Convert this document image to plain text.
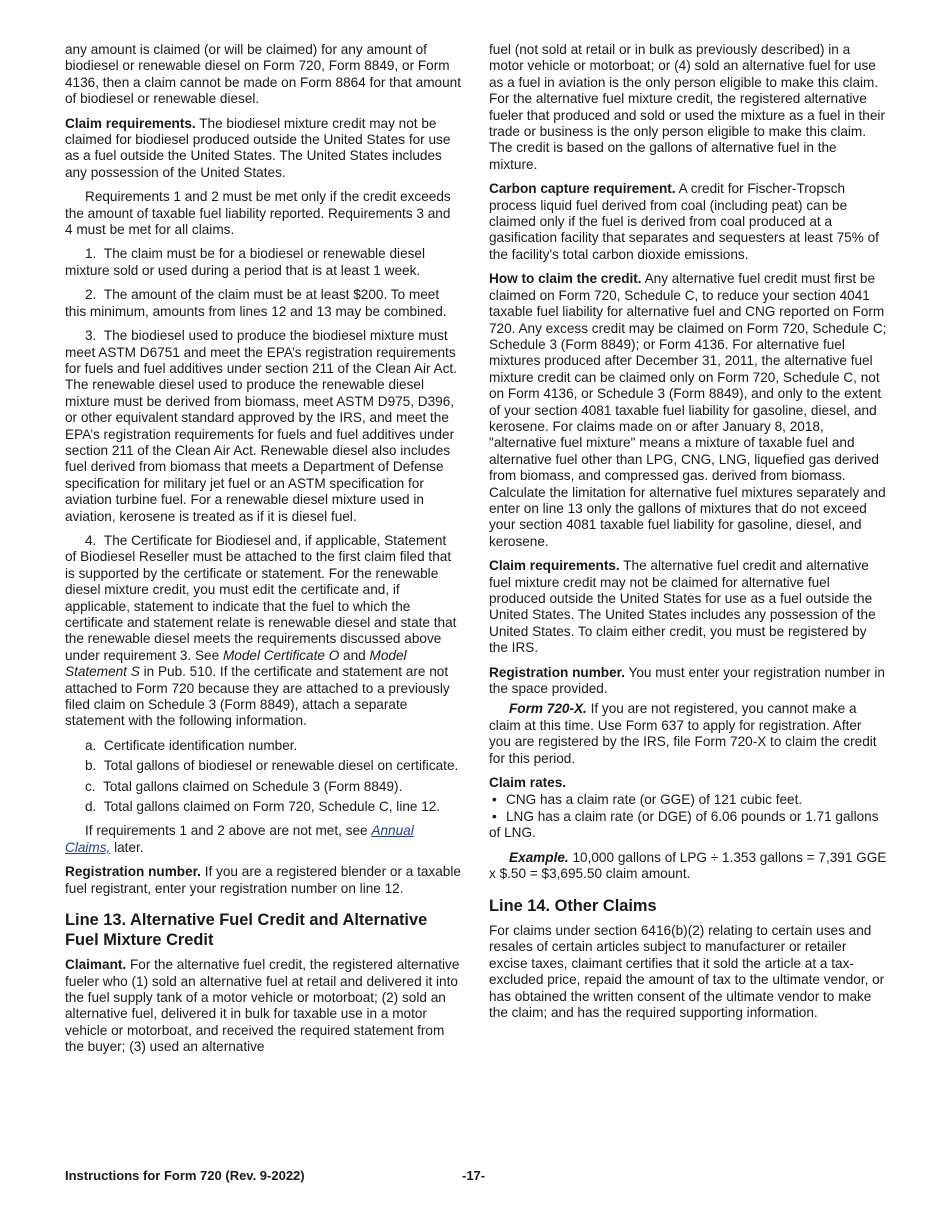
any amount is claimed (or will be claimed) for any amount of biodiesel or renewable diesel on Form 720, Form 8849, or Form 4136, then a claim cannot be made on Form 8864 for that amount of biodiesel or renewable diesel.

Claim requirements. The biodiesel mixture credit may not be claimed for biodiesel produced outside the United States for use as a fuel outside the United States. The United States includes any possession of the United States.

Requirements 1 and 2 must be met only if the credit exceeds the amount of taxable fuel liability reported. Requirements 3 and 4 must be met for all claims.

1.  The claim must be for a biodiesel or renewable diesel mixture sold or used during a period that is at least 1 week.

2.  The amount of the claim must be at least $200. To meet this minimum, amounts from lines 12 and 13 may be combined.

3.  The biodiesel used to produce the biodiesel mixture must meet ASTM D6751 and meet the EPA’s registration requirements for fuels and fuel additives under section 211 of the Clean Air Act. The renewable diesel used to produce the renewable diesel mixture must be derived from biomass, meet ASTM D975, D396, or other equivalent standard approved by the IRS, and meet the EPA’s registration requirements for fuels and fuel additives under section 211 of the Clean Air Act. Renewable diesel also includes fuel derived from biomass that meets a Department of Defense specification for military jet fuel or an ASTM specification for aviation turbine fuel. For a renewable diesel mixture used in aviation, kerosene is treated as if it is diesel fuel.

4.  The Certificate for Biodiesel and, if applicable, Statement of Biodiesel Reseller must be attached to the first claim filed that is supported by the certificate or statement. For the renewable diesel mixture credit, you must edit the certificate and, if applicable, statement to indicate that the fuel to which the certificate and statement relate is renewable diesel and state that the renewable diesel meets the requirements discussed above under requirement 3. See Model Certificate O and Model Statement S in Pub. 510. If the certificate and statement are not attached to Form 720 because they are attached to a previously filed claim on Schedule 3 (Form 8849), attach a separate statement with the following information.

a.  Certificate identification number.

b.  Total gallons of biodiesel or renewable diesel on certificate.

c.  Total gallons claimed on Schedule 3 (Form 8849).

d.  Total gallons claimed on Form 720, Schedule C, line 12.

If requirements 1 and 2 above are not met, see Annual Claims, later.

Registration number. If you are a registered blender or a taxable fuel registrant, enter your registration number on line 12.

Line 13. Alternative Fuel Credit and Alternative Fuel Mixture Credit

Claimant. For the alternative fuel credit, the registered alternative fueler who (1) sold an alternative fuel at retail and delivered it into the fuel supply tank of a motor vehicle or motorboat; (2) sold an alternative fuel, delivered it in bulk for taxable use in a motor vehicle or motorboat, and received the required statement from the buyer; (3) used an alternative

fuel (not sold at retail or in bulk as previously described) in a motor vehicle or motorboat; or (4) sold an alternative fuel for use as a fuel in aviation is the only person eligible to make this claim. For the alternative fuel mixture credit, the registered alternative fueler that produced and sold or used the mixture as a fuel in their trade or business is the only person eligible to make this claim. The credit is based on the gallons of alternative fuel in the mixture.

Carbon capture requirement. A credit for Fischer-Tropsch process liquid fuel derived from coal (including peat) can be claimed only if the fuel is derived from coal produced at a gasification facility that separates and sequesters at least 75% of the facility's total carbon dioxide emissions.

How to claim the credit. Any alternative fuel credit must first be claimed on Form 720, Schedule C, to reduce your section 4041 taxable fuel liability for alternative fuel and CNG reported on Form 720. Any excess credit may be claimed on Form 720, Schedule C; Schedule 3 (Form 8849); or Form 4136. For alternative fuel mixtures produced after December 31, 2011, the alternative fuel mixture credit can be claimed only on Form 720, Schedule C, not on Form 4136, or Schedule 3 (Form 8849), and only to the extent of your section 4081 taxable fuel liability for gasoline, diesel, and kerosene. For claims made on or after January 8, 2018, "alternative fuel mixture" means a mixture of taxable fuel and alternative fuel other than LPG, CNG, LNG, liquefied gas derived from biomass, and compressed gas. derived from biomass. Calculate the limitation for alternative fuel mixtures separately and enter on line 13 only the gallons of mixtures that do not exceed your section 4081 taxable fuel liability for gasoline, diesel, and kerosene.

Claim requirements. The alternative fuel credit and alternative fuel mixture credit may not be claimed for alternative fuel produced outside the United States for use as a fuel outside the United States. The United States includes any possession of the United States. To claim either credit, you must be registered by the IRS.

Registration number. You must enter your registration number in the space provided.

Form 720-X. If you are not registered, you cannot make a claim at this time. Use Form 637 to apply for registration. After you are registered by the IRS, file Form 720-X to claim the credit for this period.

Claim rates.

• CNG has a claim rate (or GGE) of 121 cubic feet.
• LNG has a claim rate (or DGE) of 6.06 pounds or 1.71 gallons of LNG.

Example. 10,000 gallons of LPG ÷ 1.353 gallons = 7,391 GGE x $.50 = $3,695.50 claim amount.

Line 14. Other Claims

For claims under section 6416(b)(2) relating to certain uses and resales of certain articles subject to manufacturer or retailer excise taxes, claimant certifies that it sold the article at a tax-excluded price, repaid the amount of tax to the ultimate vendor, or has obtained the written consent of the ultimate vendor to make the claim; and has the required supporting information.

Instructions for Form 720 (Rev. 9-2022)	-17-
